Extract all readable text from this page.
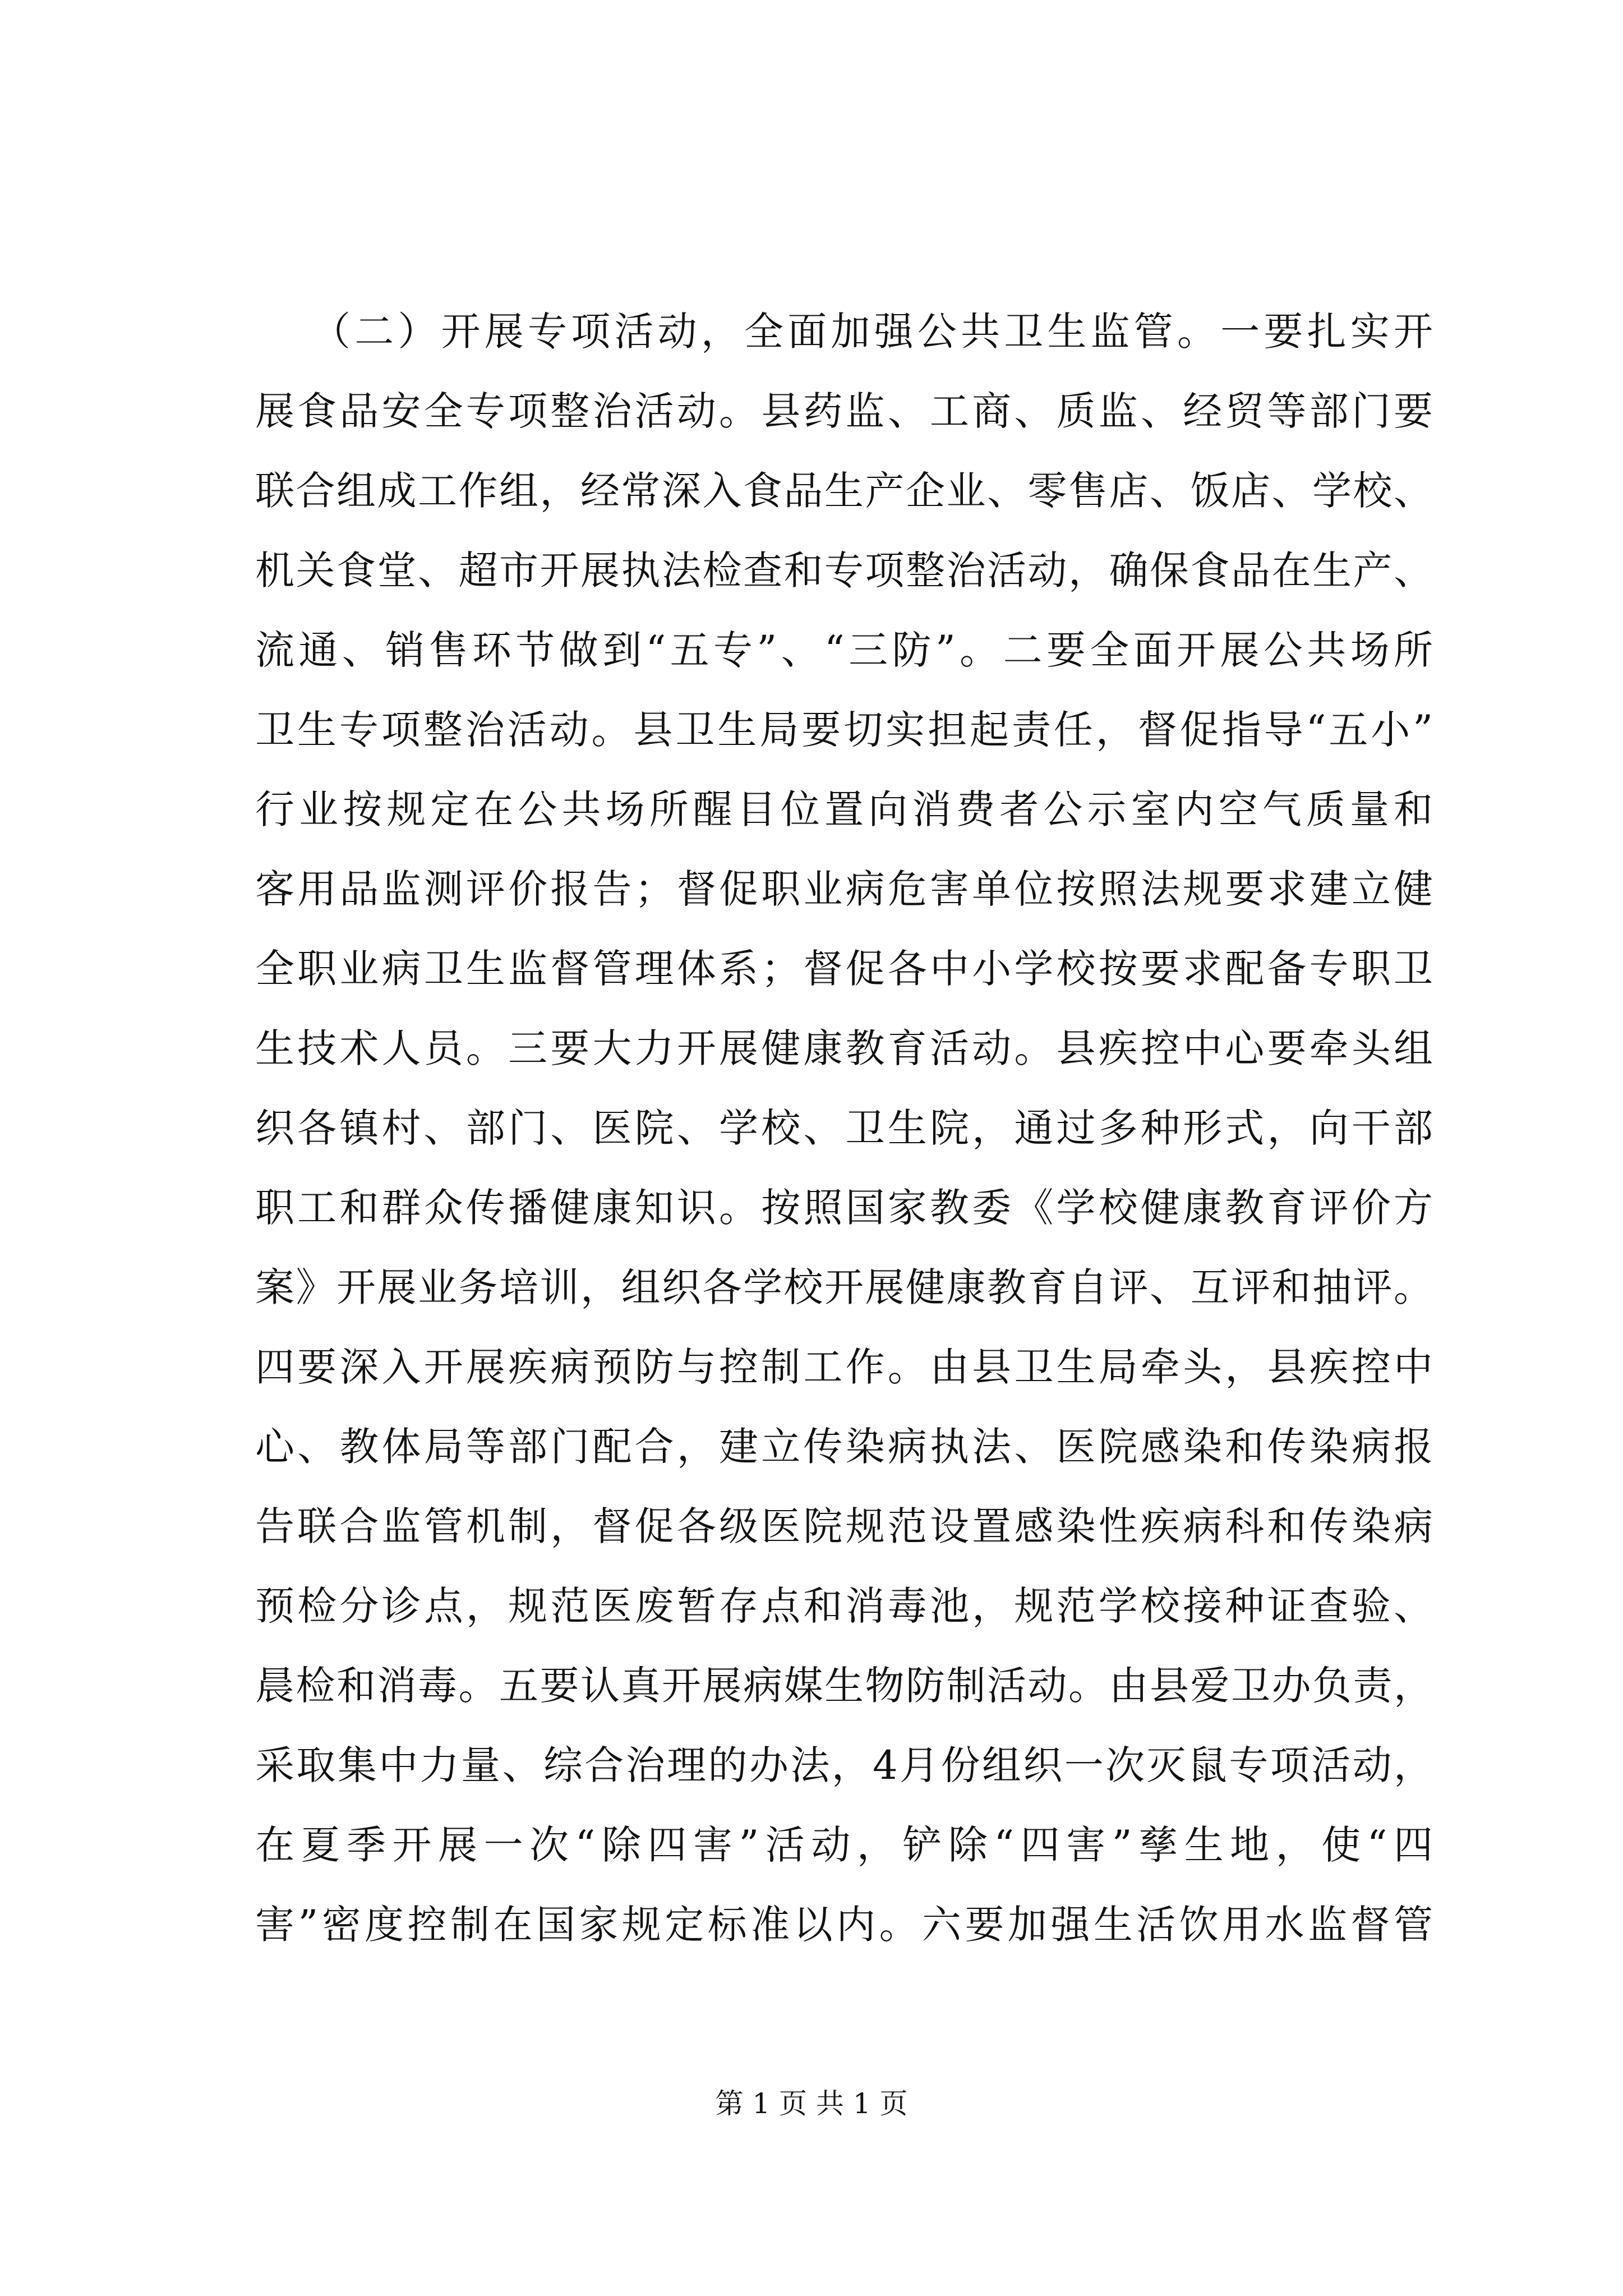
（二）开展专项活动，全面加强公共卫生监管。一要扎实开
展食品安全专项整治活动。县药监、工商、质监、经贸等部门要
联合组成工作组，经常深入食品生产企业、零售店、饭店、学校、
机关食堂、超市开展执法检查和专项整治活动，确保食品在生产、
流通、销售环节做到“五专”、“三防”。二要全面开展公共场所
卫生专项整治活动。县卫生局要切实担起责任，督促指导“五小”
行业按规定在公共场所醒目位置向消费者公示室内空气质量和
客用品监测评价报告；督促职业病危害单位按照法规要求建立健
全职业病卫生监督管理体系；督促各中小学校按要求配备专职卫
生技术人员。三要大力开展健康教育活动。县疾控中心要牵头组
织各镇村、部门、医院、学校、卫生院，通过多种形式，向干部
职工和群众传播健康知识。按照国家教委《学校健康教育评价方
案》开展业务培训，组织各学校开展健康教育自评、互评和抽评。
四要深入开展疾病预防与控制工作。由县卫生局牵头，县疾控中
心、教体局等部门配合，建立传染病执法、医院感染和传染病报
告联合监管机制，督促各级医院规范设置感染性疾病科和传染病
预检分诊点，规范医废暂存点和消毒池，规范学校接种证查验、
晨检和消毒。五要认真开展病媒生物防制活动。由县爱卫办负责，
采取集中力量、综合治理的办法，4月份组织一次灭鼠专项活动，
在夏季开展一次“除四害”活动，铲除“四害”孳生地，使“四
害”密度控制在国家规定标准以内。六要加强生活饮用水监督管
第 1 页 共 1 页
